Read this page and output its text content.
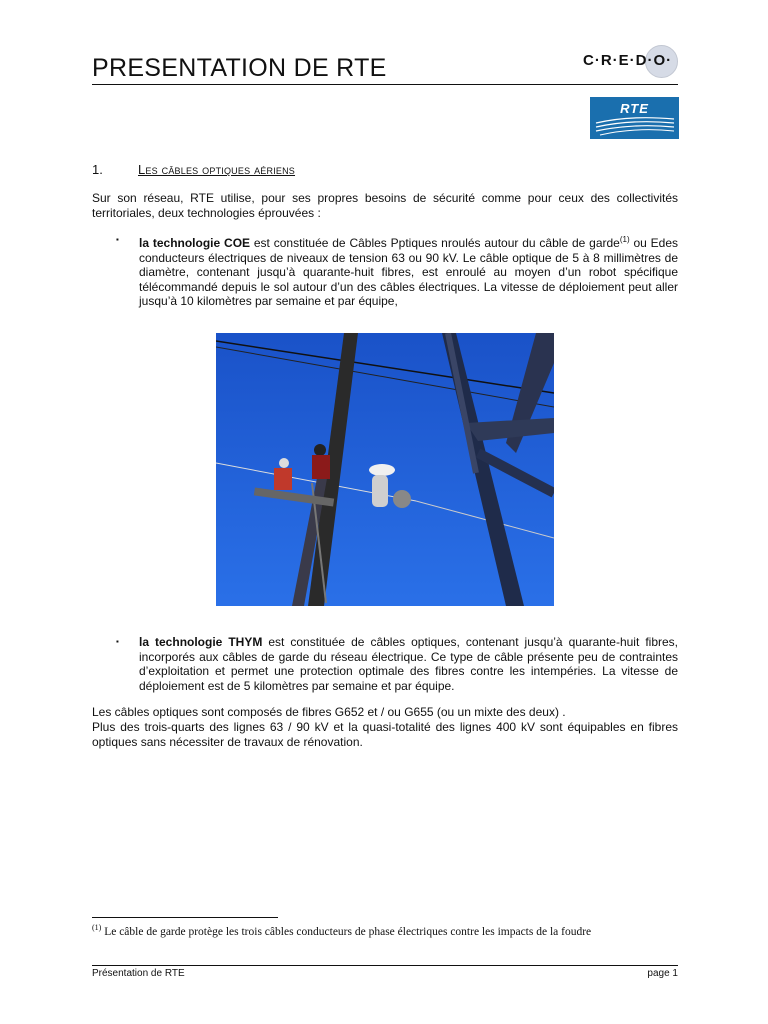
PRESENTATION DE RTE	C·R·E·D·O·
RTE
1.	Les câbles optiques aériens
Sur son réseau, RTE utilise, pour ses propres besoins de sécurité comme pour ceux des collectivités territoriales, deux technologies éprouvées :
▪ la technologie COE est constituée de Câbles Pptiques nroulés autour du câble de garde$^{(1)}$ ou Edes conducteurs électriques de niveaux de tension 63 ou 90 kV. Le câble optique de 5 à 8 millimètres de diamètre, contenant jusqu’à quarante-huit fibres, est enroulé au moyen d’un robot spécifique télécommandé depuis le sol autour d’un des câbles électriques. La vitesse de déploiement peut aller jusqu’à 10 kilomètres par semaine et par équipe,
▪ la technologie THYM est constituée de câbles optiques, contenant jusqu’à quarante-huit fibres, incorporés aux câbles de garde du réseau électrique. Ce type de câble présente peu de contraintes d’exploitation et permet une protection optimale des fibres contre les intempéries. La vitesse de déploiement est de 5 kilomètres par semaine et par équipe.
Les câbles optiques sont composés de fibres G652 et / ou G655 (ou un mixte des deux) .
Plus des trois-quarts des lignes 63 / 90 kV et la quasi-totalité des lignes 400 kV sont équipables en fibres optiques sans nécessiter de travaux de rénovation.
$^{(1)}$ Le câble de garde protège les trois câbles conducteurs de phase électriques contre les impacts de la foudre
Présentation de RTE	page 1
